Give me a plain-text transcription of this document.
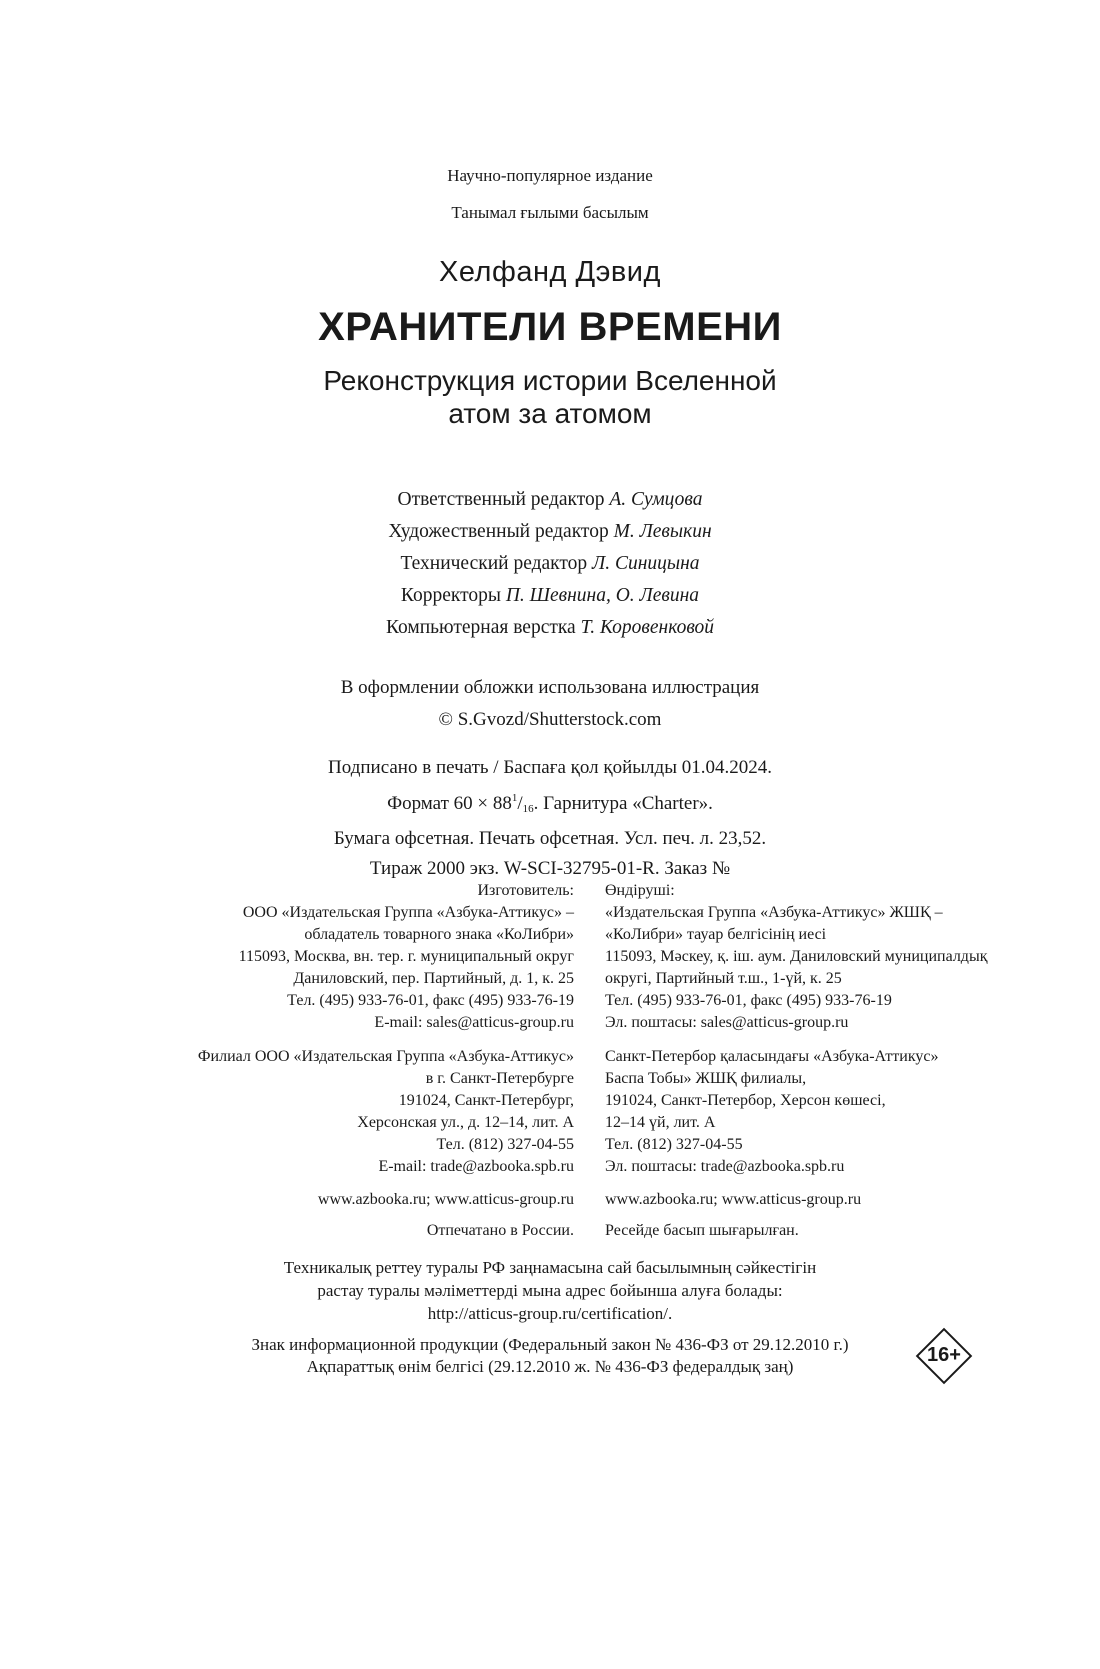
Научно-популярное издание
Танымал ғылыми басылым
Хелфанд Дэвид
ХРАНИТЕЛИ ВРЕМЕНИ
Реконструкция истории Вселенной
атом за атомом
Ответственный редактор А. Сумцова
Художественный редактор М. Левыкин
Технический редактор Л. Синицына
Корректоры П. Шевнина, О. Левина
Компьютерная верстка Т. Коровенковой
В оформлении обложки использована иллюстрация
© S.Gvozd/Shutterstock.com
Подписано в печать / Баспаға қол қойылды 01.04.2024.
Формат $60 \times 88^1/_{16}$. Гарнитура «Charter».
Бумага офсетная. Печать офсетная. Усл. печ. л. 23,52.
Тираж 2000 экз. W-SCI-32795-01-R. Заказ №
Изготовитель:
ООО «Издательская Группа «Азбука-Аттикус» –
обладатель товарного знака «КоЛибри»
115093, Москва, вн. тер. г. муниципальный округ
Даниловский, пер. Партийный, д. 1, к. 25
Тел. (495) 933-76-01, факс (495) 933-76-19
E-mail: sales@atticus-group.ru
Өндіруші:
«Издательская Группа «Азбука-Аттикус» ЖШҚ –
«КоЛибри» тауар белгісінің иесі
115093, Мәскеу, қ. іш. аум. Даниловский муниципалдық
округі, Партийный т.ш., 1-үй, к. 25
Тел. (495) 933-76-01, факс (495) 933-76-19
Эл. поштасы: sales@atticus-group.ru
Филиал ООО «Издательская Группа «Азбука-Аттикус»
в г. Санкт-Петербурге
191024, Санкт-Петербург,
Херсонская ул., д. 12–14, лит. А
Тел. (812) 327-04-55
E-mail: trade@azbooka.spb.ru
Санкт-Петербор қаласындағы «Азбука-Аттикус»
Баспа Тобы» ЖШҚ филиалы,
191024, Санкт-Петербор, Херсон көшесі,
12–14 үй, лит. А
Тел. (812) 327-04-55
Эл. поштасы: trade@azbooka.spb.ru
www.azbooka.ru; www.atticus-group.ru www.azbooka.ru; www.atticus-group.ru
Отпечатано в России. Ресейде басып шығарылған.
Техникалық реттеу туралы РФ заңнамасына сай басылымның сәйкестігін
растау туралы мәліметтерді мына адрес бойынша алуға болады:
http://atticus-group.ru/certification/.
Знак информационной продукции (Федеральный закон № 436-ФЗ от 29.12.2010 г.)
Ақпараттық өнім белгісі (29.12.2010 ж. № 436-ФЗ федералдық заң)
16+
